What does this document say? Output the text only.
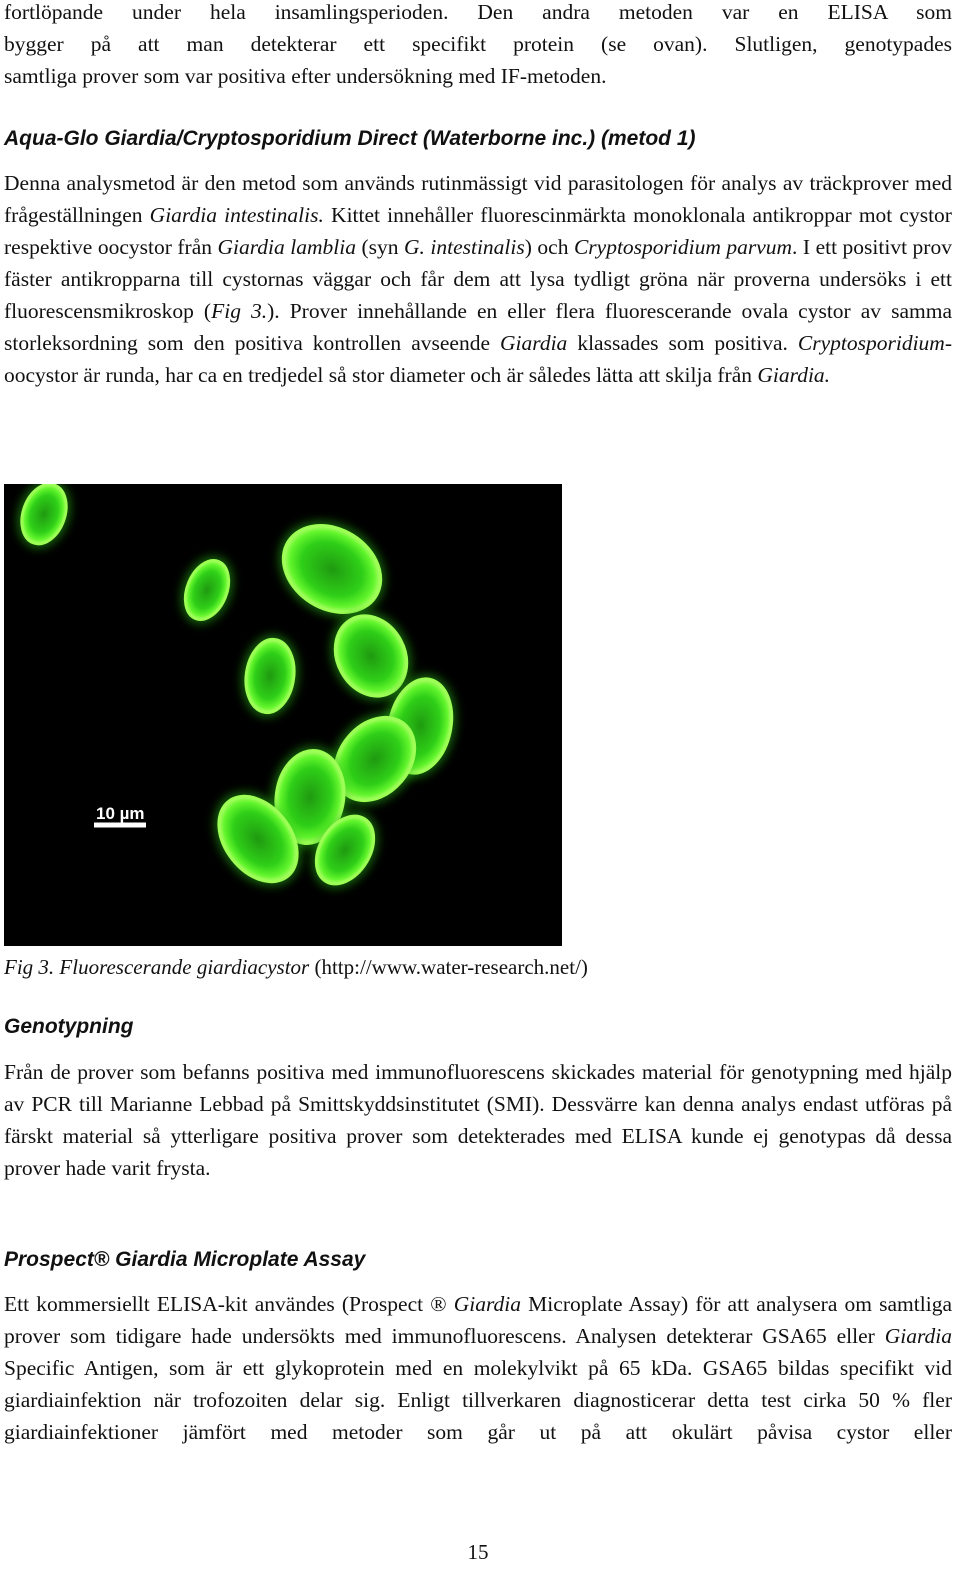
fortlöpande under hela insamlingsperioden. Den andra metoden var en ELISA som
bygger på att man detekterar ett specifikt protein (se ovan). Slutligen, genotypades
samtliga prover som var positiva efter undersökning med IF-metoden.

Aqua-Glo Giardia/Cryptosporidium Direct (Waterborne inc.) (metod 1)

Denna analysmetod är den metod som används rutinmässigt vid parasitologen för analys av träckprover med frågeställningen Giardia intestinalis. Kittet innehåller fluorescinmärkta monoklonala antikroppar mot cystor respektive oocystor från Giardia lamblia (syn G. intestinalis) och Cryptosporidium parvum. I ett positivt prov fäster antikropparna till cystornas väggar och får dem att lysa tydligt gröna när proverna undersöks i ett fluorescensmikroskop (Fig 3.). Prover innehållande en eller flera fluorescerande ovala cystor av samma storleksordning som den positiva kontrollen avseende Giardia klassades som positiva. Cryptosporidium-oocystor är runda, har ca en tredjedel så stor diameter och är således lätta att skilja från Giardia.

10 µm
Fig 3. Fluorescerande giardiacystor (http://www.water-research.net/)
Genotypning

Från de prover som befanns positiva med immunofluorescens skickades material för genotypning med hjälp av PCR till Marianne Lebbad på Smittskyddsinstitutet (SMI). Dessvärre kan denna analys endast utföras på färskt material så ytterligare positiva prover som detekterades med ELISA kunde ej genotypas då dessa prover hade varit frysta.

Prospect® Giardia Microplate Assay

Ett kommersiellt ELISA-kit användes (Prospect ® Giardia Microplate Assay) för att analysera om samtliga prover som tidigare hade undersökts med immunofluorescens. Analysen detekterar GSA65 eller Giardia Specific Antigen, som är ett glykoprotein med en molekylvikt på 65 kDa. GSA65 bildas specifikt vid giardiainfektion när trofozoiten delar sig. Enligt tillverkaren diagnosticerar detta test cirka 50 % fler giardiainfektioner jämfört med metoder som går ut på att okulärt påvisa cystor eller

15
